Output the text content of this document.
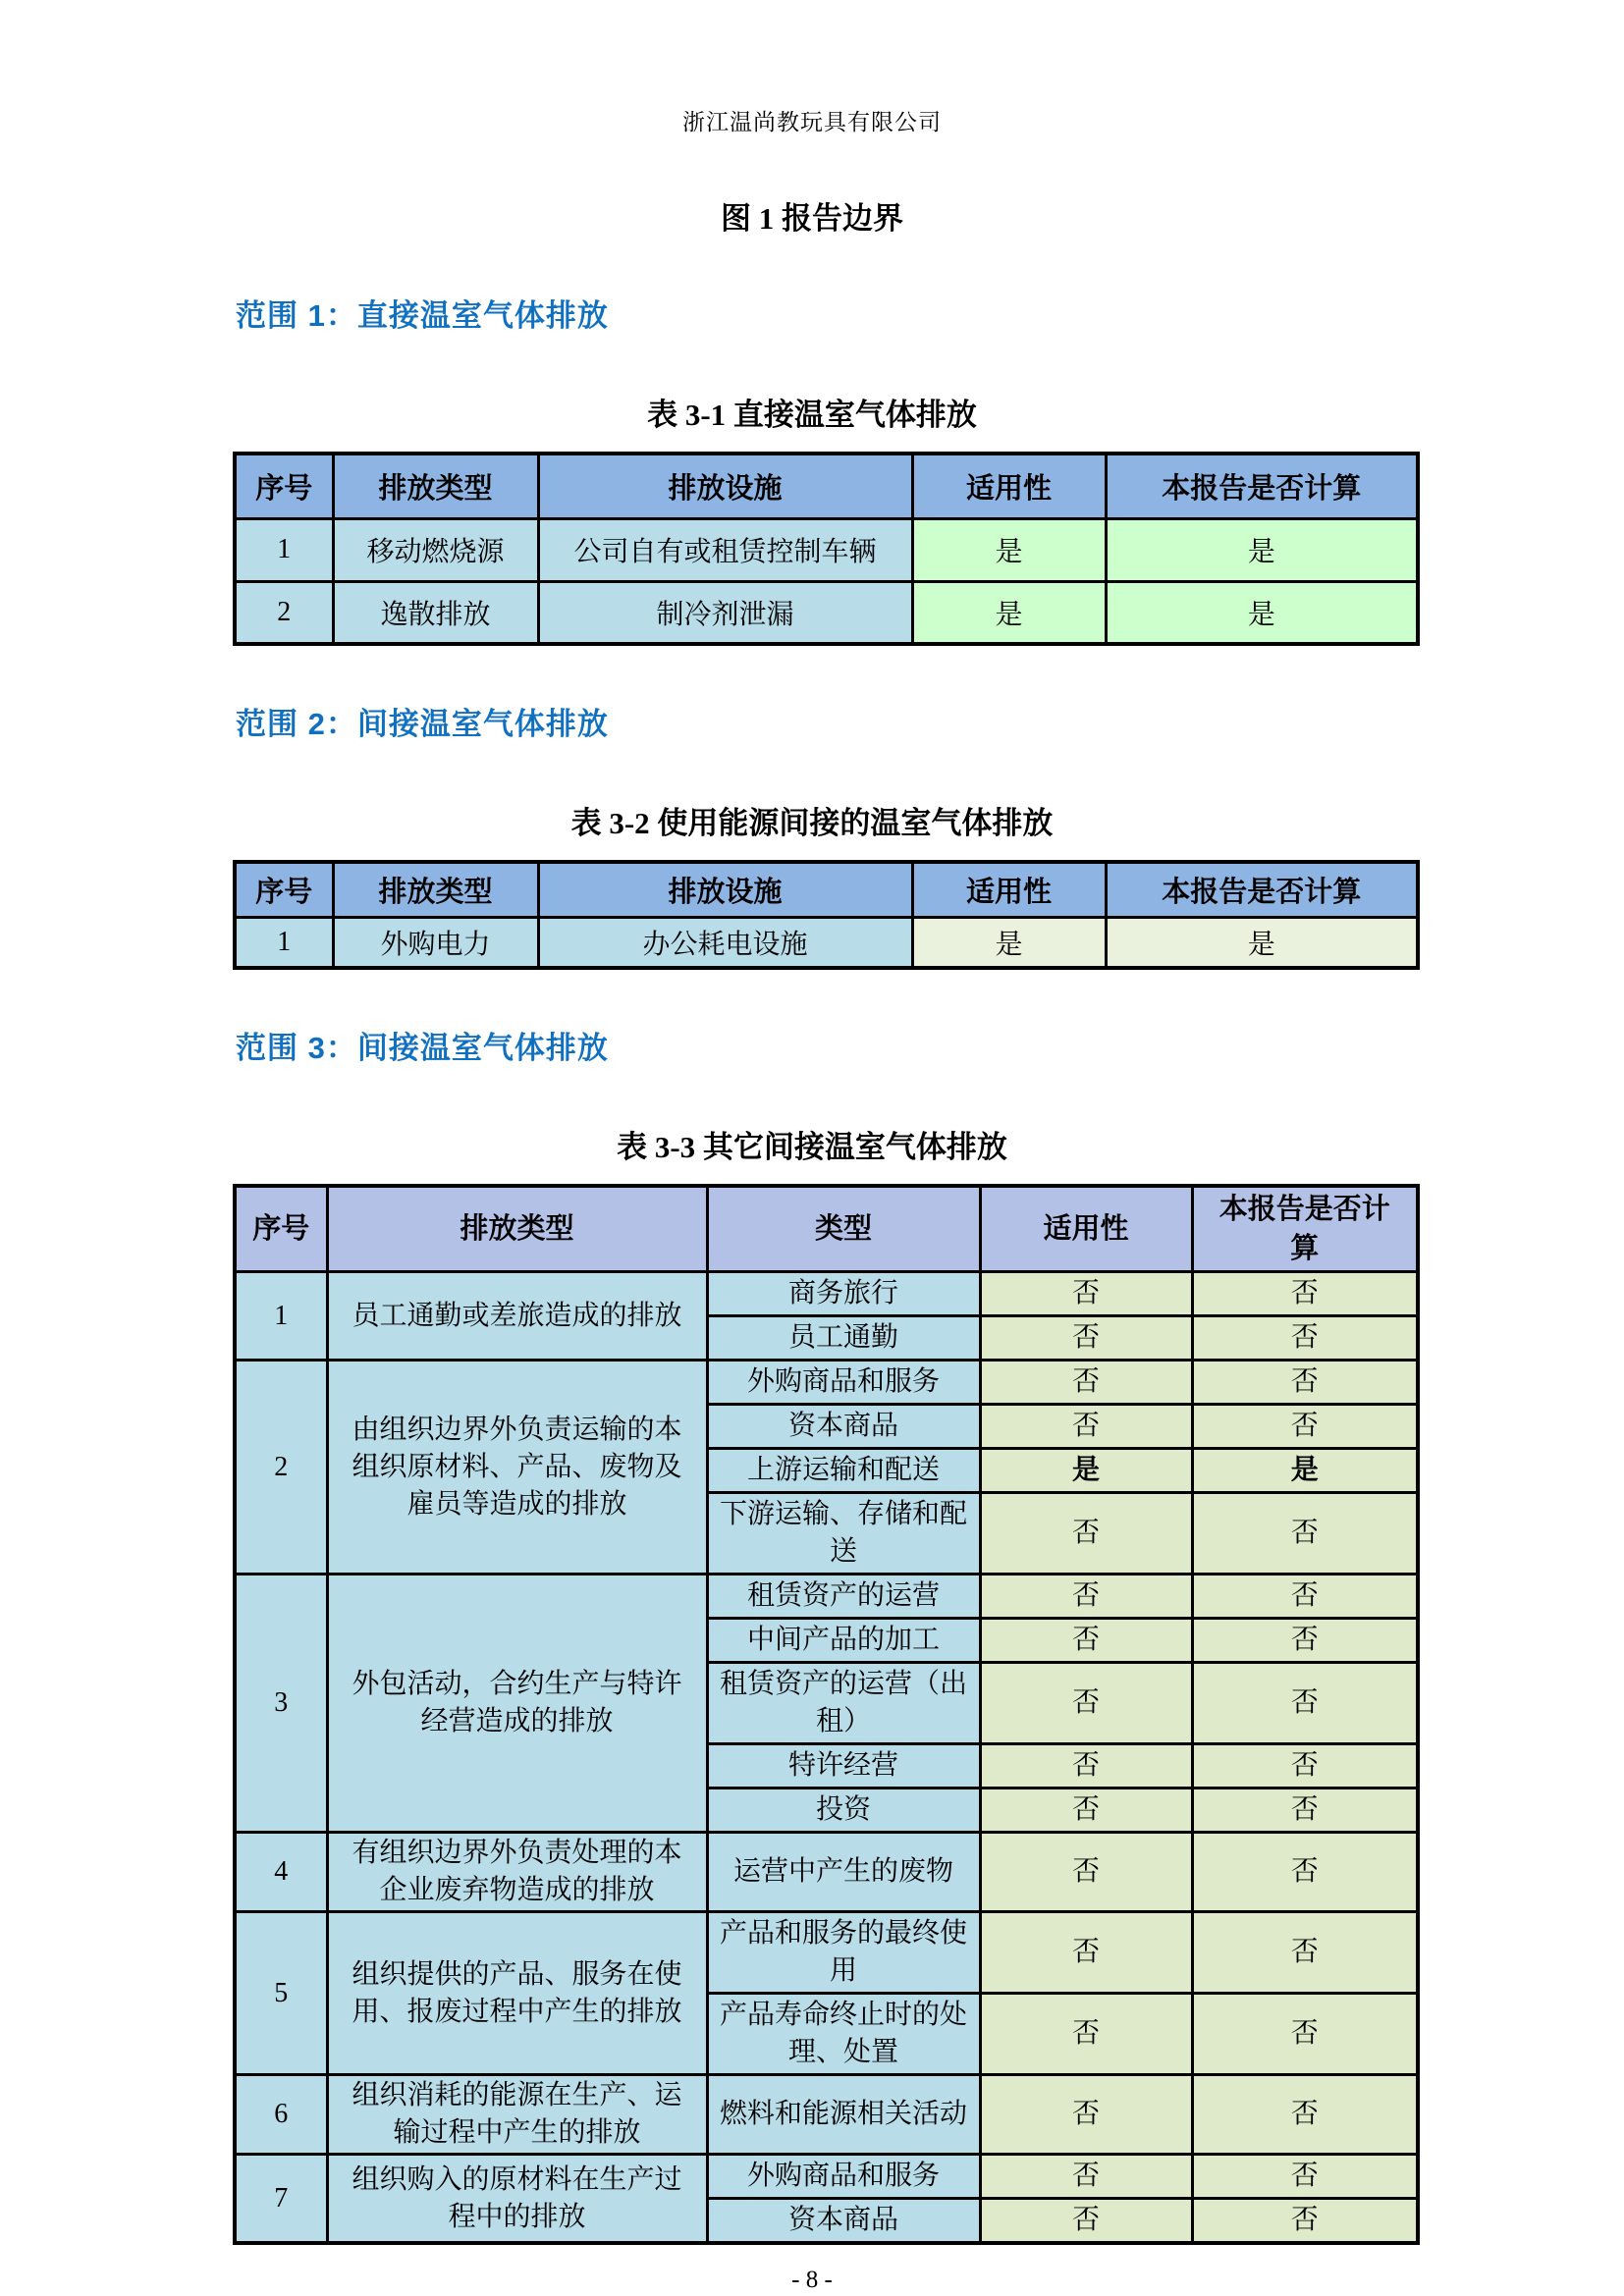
浙江温尚教玩具有限公司
图 1 报告边界
范围 1：直接温室气体排放
表 3-1 直接温室气体排放
序号	排放类型	排放设施	适用性	本报告是否计算
1	移动燃烧源	公司自有或租赁控制车辆	是	是
2	逸散排放	制冷剂泄漏	是	是
范围 2：间接温室气体排放
表 3-2 使用能源间接的温室气体排放
序号	排放类型	排放设施	适用性	本报告是否计算
1	外购电力	办公耗电设施	是	是
范围 3：间接温室气体排放
表 3-3 其它间接温室气体排放
序号	排放类型	类型	适用性	本报告是否计算
1	员工通勤或差旅造成的排放	商务旅行	否	否
		员工通勤	否	否
2	由组织边界外负责运输的本组织原材料、产品、废物及雇员等造成的排放	外购商品和服务	否	否
		资本商品	否	否
		上游运输和配送	是	是
		下游运输、存储和配送	否	否
3	外包活动，合约生产与特许经营造成的排放	租赁资产的运营	否	否
		中间产品的加工	否	否
		租赁资产的运营（出租）	否	否
		特许经营	否	否
		投资	否	否
4	有组织边界外负责处理的本企业废弃物造成的排放	运营中产生的废物	否	否
5	组织提供的产品、服务在使用、报废过程中产生的排放	产品和服务的最终使用	否	否
		产品寿命终止时的处理、处置	否	否
6	组织消耗的能源在生产、运输过程中产生的排放	燃料和能源相关活动	否	否
7	组织购入的原材料在生产过程中的排放	外购商品和服务	否	否
		资本商品	否	否
- 8 -
